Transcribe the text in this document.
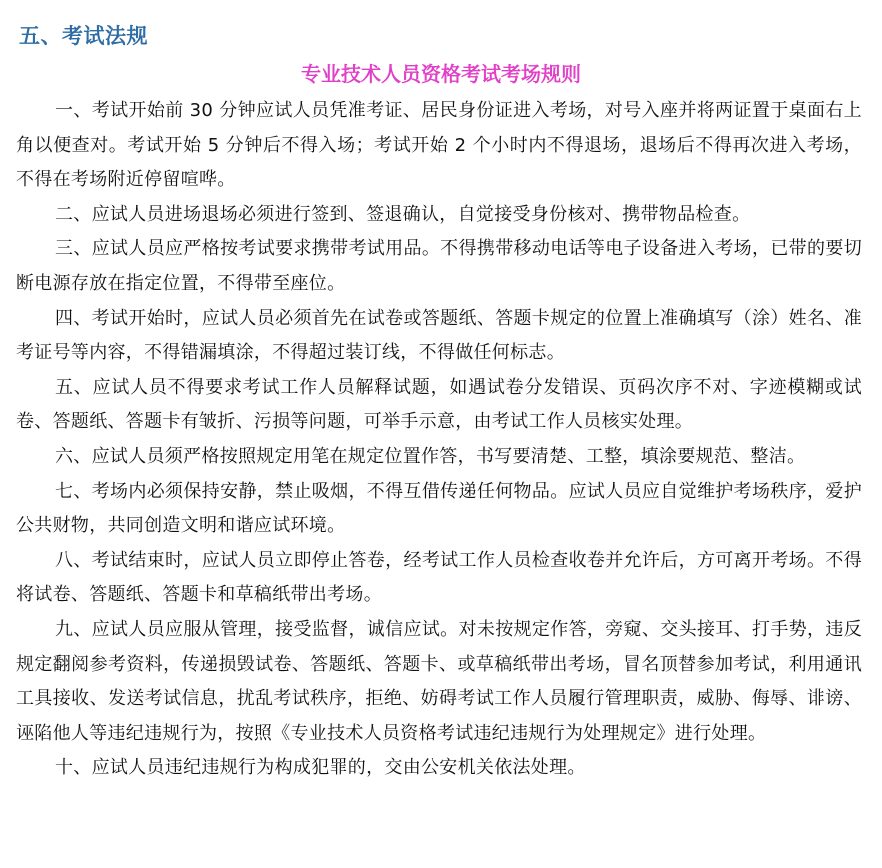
五、考试法规
专业技术人员资格考试考场规则

一、考试开始前 30 分钟应试人员凭准考证、居民身份证进入考场，对号入座并将两证置于桌面右上角以便查对。考试开始 5 分钟后不得入场；考试开始 2 个小时内不得退场，退场后不得再次进入考场，不得在考场附近停留喧哗。

二、应试人员进场退场必须进行签到、签退确认，自觉接受身份核对、携带物品检查。

三、应试人员应严格按考试要求携带考试用品。不得携带移动电话等电子设备进入考场，已带的要切断电源存放在指定位置，不得带至座位。

四、考试开始时，应试人员必须首先在试卷或答题纸、答题卡规定的位置上准确填写（涂）姓名、准考证号等内容，不得错漏填涂，不得超过装订线，不得做任何标志。

五、应试人员不得要求考试工作人员解释试题，如遇试卷分发错误、页码次序不对、字迹模糊或试卷、答题纸、答题卡有皱折、污损等问题，可举手示意，由考试工作人员核实处理。

六、应试人员须严格按照规定用笔在规定位置作答，书写要清楚、工整，填涂要规范、整洁。

七、考场内必须保持安静，禁止吸烟，不得互借传递任何物品。应试人员应自觉维护考场秩序，爱护公共财物，共同创造文明和谐应试环境。

八、考试结束时，应试人员立即停止答卷，经考试工作人员检查收卷并允许后，方可离开考场。不得将试卷、答题纸、答题卡和草稿纸带出考场。

九、应试人员应服从管理，接受监督，诚信应试。对未按规定作答，旁窥、交头接耳、打手势，违反规定翻阅参考资料，传递损毁试卷、答题纸、答题卡、或草稿纸带出考场，冒名顶替参加考试，利用通讯工具接收、发送考试信息，扰乱考试秩序，拒绝、妨碍考试工作人员履行管理职责，威胁、侮辱、诽谤、诬陷他人等违纪违规行为，按照《专业技术人员资格考试违纪违规行为处理规定》进行处理。

十、应试人员违纪违规行为构成犯罪的，交由公安机关依法处理。
